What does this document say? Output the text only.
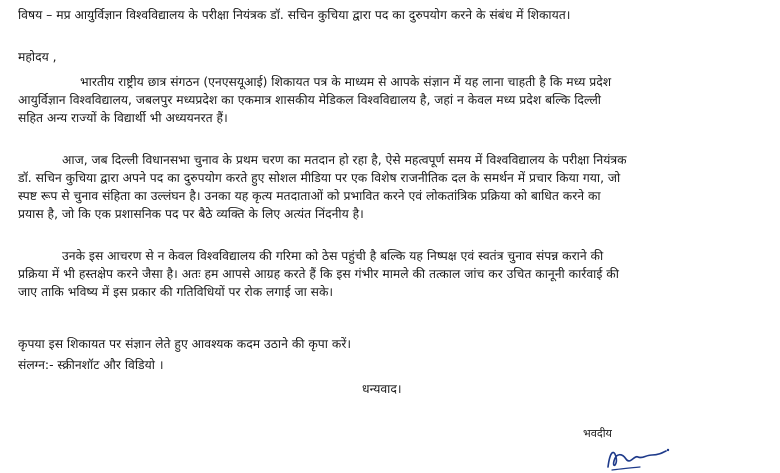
विषय – मप्र आयुर्विज्ञान विश्वविद्यालय के परीक्षा नियंत्रक डॉ. सचिन कुचिया द्वारा पद का दुरुपयोग करने के संबंध में शिकायत।
महोदय ,
भारतीय राष्ट्रीय छात्र संगठन (एनएसयूआई) शिकायत पत्र के माध्यम से आपके संज्ञान में यह लाना चाहती है कि मध्य प्रदेश
आयुर्विज्ञान विश्वविद्यालय, जबलपुर मध्यप्रदेश का एकमात्र शासकीय मेडिकल विश्वविद्यालय है, जहां न केवल मध्य प्रदेश बल्कि दिल्ली
सहित अन्य राज्यों के विद्यार्थी भी अध्ययनरत हैं।
आज, जब दिल्ली विधानसभा चुनाव के प्रथम चरण का मतदान हो रहा है, ऐसे महत्वपूर्ण समय में विश्वविद्यालय के परीक्षा नियंत्रक
डॉ. सचिन कुचिया द्वारा अपने पद का दुरुपयोग करते हुए सोशल मीडिया पर एक विशेष राजनीतिक दल के समर्थन में प्रचार किया गया, जो
स्पष्ट रूप से चुनाव संहिता का उल्लंघन है। उनका यह कृत्य मतदाताओं को प्रभावित करने एवं लोकतांत्रिक प्रक्रिया को बाधित करने का
प्रयास है, जो कि एक प्रशासनिक पद पर बैठे व्यक्ति के लिए अत्यंत निंदनीय है।
उनके इस आचरण से न केवल विश्वविद्यालय की गरिमा को ठेस पहुंची है बल्कि यह निष्पक्ष एवं स्वतंत्र चुनाव संपन्न कराने की
प्रक्रिया में भी हस्तक्षेप करने जैसा है। अतः हम आपसे आग्रह करते हैं कि इस गंभीर मामले की तत्काल जांच कर उचित कानूनी कार्रवाई की
जाए ताकि भविष्य में इस प्रकार की गतिविधियों पर रोक लगाई जा सके।
कृपया इस शिकायत पर संज्ञान लेते हुए आवश्यक कदम उठाने की कृपा करें।
संलग्न:- स्क्रीनशॉट और विडियो ।
धन्यवाद।
भवदीय
